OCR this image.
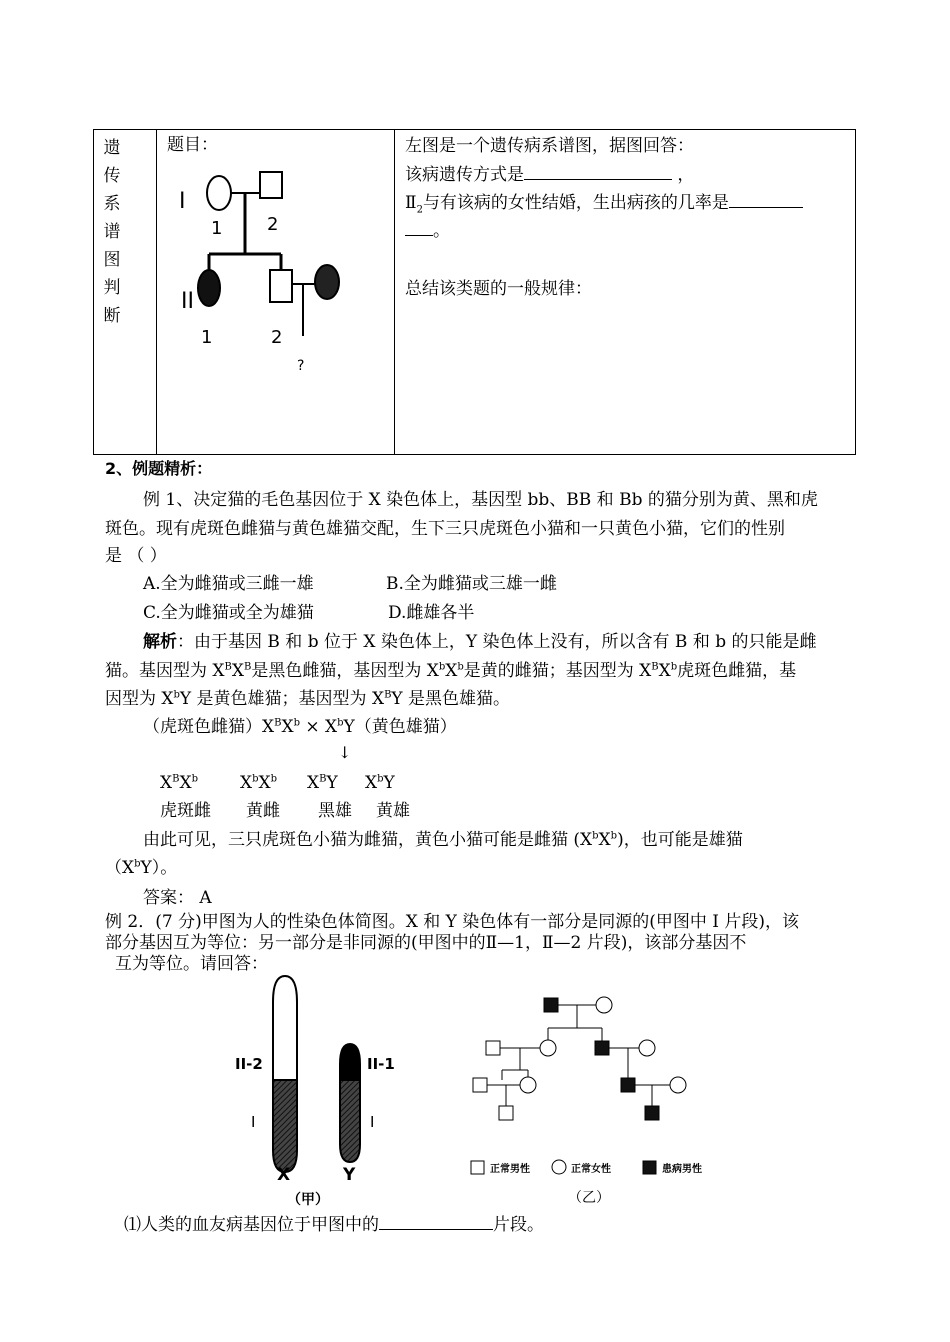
遗传系谱图判断

题目：
I
1 2
II
1	2
?

左图是一个遗传病系谱图，据图回答：
该病遗传方式是	，
$Ⅱ_2$与有该病的女性结婚，生出病孩的几率是
。
总结该类题的一般规律：
2、例题精析：
例 1、决定猫的毛色基因位于 X 染色体上，基因型 bb、BB 和 Bb 的猫分别为黄、黑和虎
斑色。现有虎斑色雌猫与黄色雄猫交配，生下三只虎斑色小猫和一只黄色小猫，它们的性别
是 （ ）
A.全为雌猫或三雌一雄	B.全为雌猫或三雄一雌
C.全为雌猫或全为雄猫	D.雌雄各半
解析：由于基因 B 和 b 位于 X 染色体上，Y 染色体上没有，所以含有 B 和 b 的只能是雌
猫。基因型为 $X^BX^B$是黑色雌猫，基因型为 $X^bX^b$是黄的雌猫；基因型为 $X^BX^b$虎斑色雌猫，基
因型为 $X^bY$ 是黄色雄猫；基因型为 $X^BY$ 是黑色雄猫。
（虎斑色雌猫）$X^BX^b \times X^bY$（黄色雄猫）
↓
$X^BX^b$ $X^bX^b$ $X^BY$ $X^bY$
虎斑雌 黄雌 黑雄 黄雄
由此可见，三只虎斑色小猫为雌猫，黄色小猫可能是雌猫 $(X^bX^b)$，也可能是雄猫
$(X^bY)$。
答案： A
例 2．(7 分)甲图为人的性染色体简图。X 和 Y 染色体有一部分是同源的(甲图中 I 片段)，该
部分基因互为等位：另一部分是非同源的(甲图中的Ⅱ—1，Ⅱ—2 片段)，该部分基因不
互为等位。请回答：
II-2	II-1
I	I
X	Y
（甲）
正常男性	正常女性	患病男性
（乙）
⑴人类的血友病基因位于甲图中的	片段。
